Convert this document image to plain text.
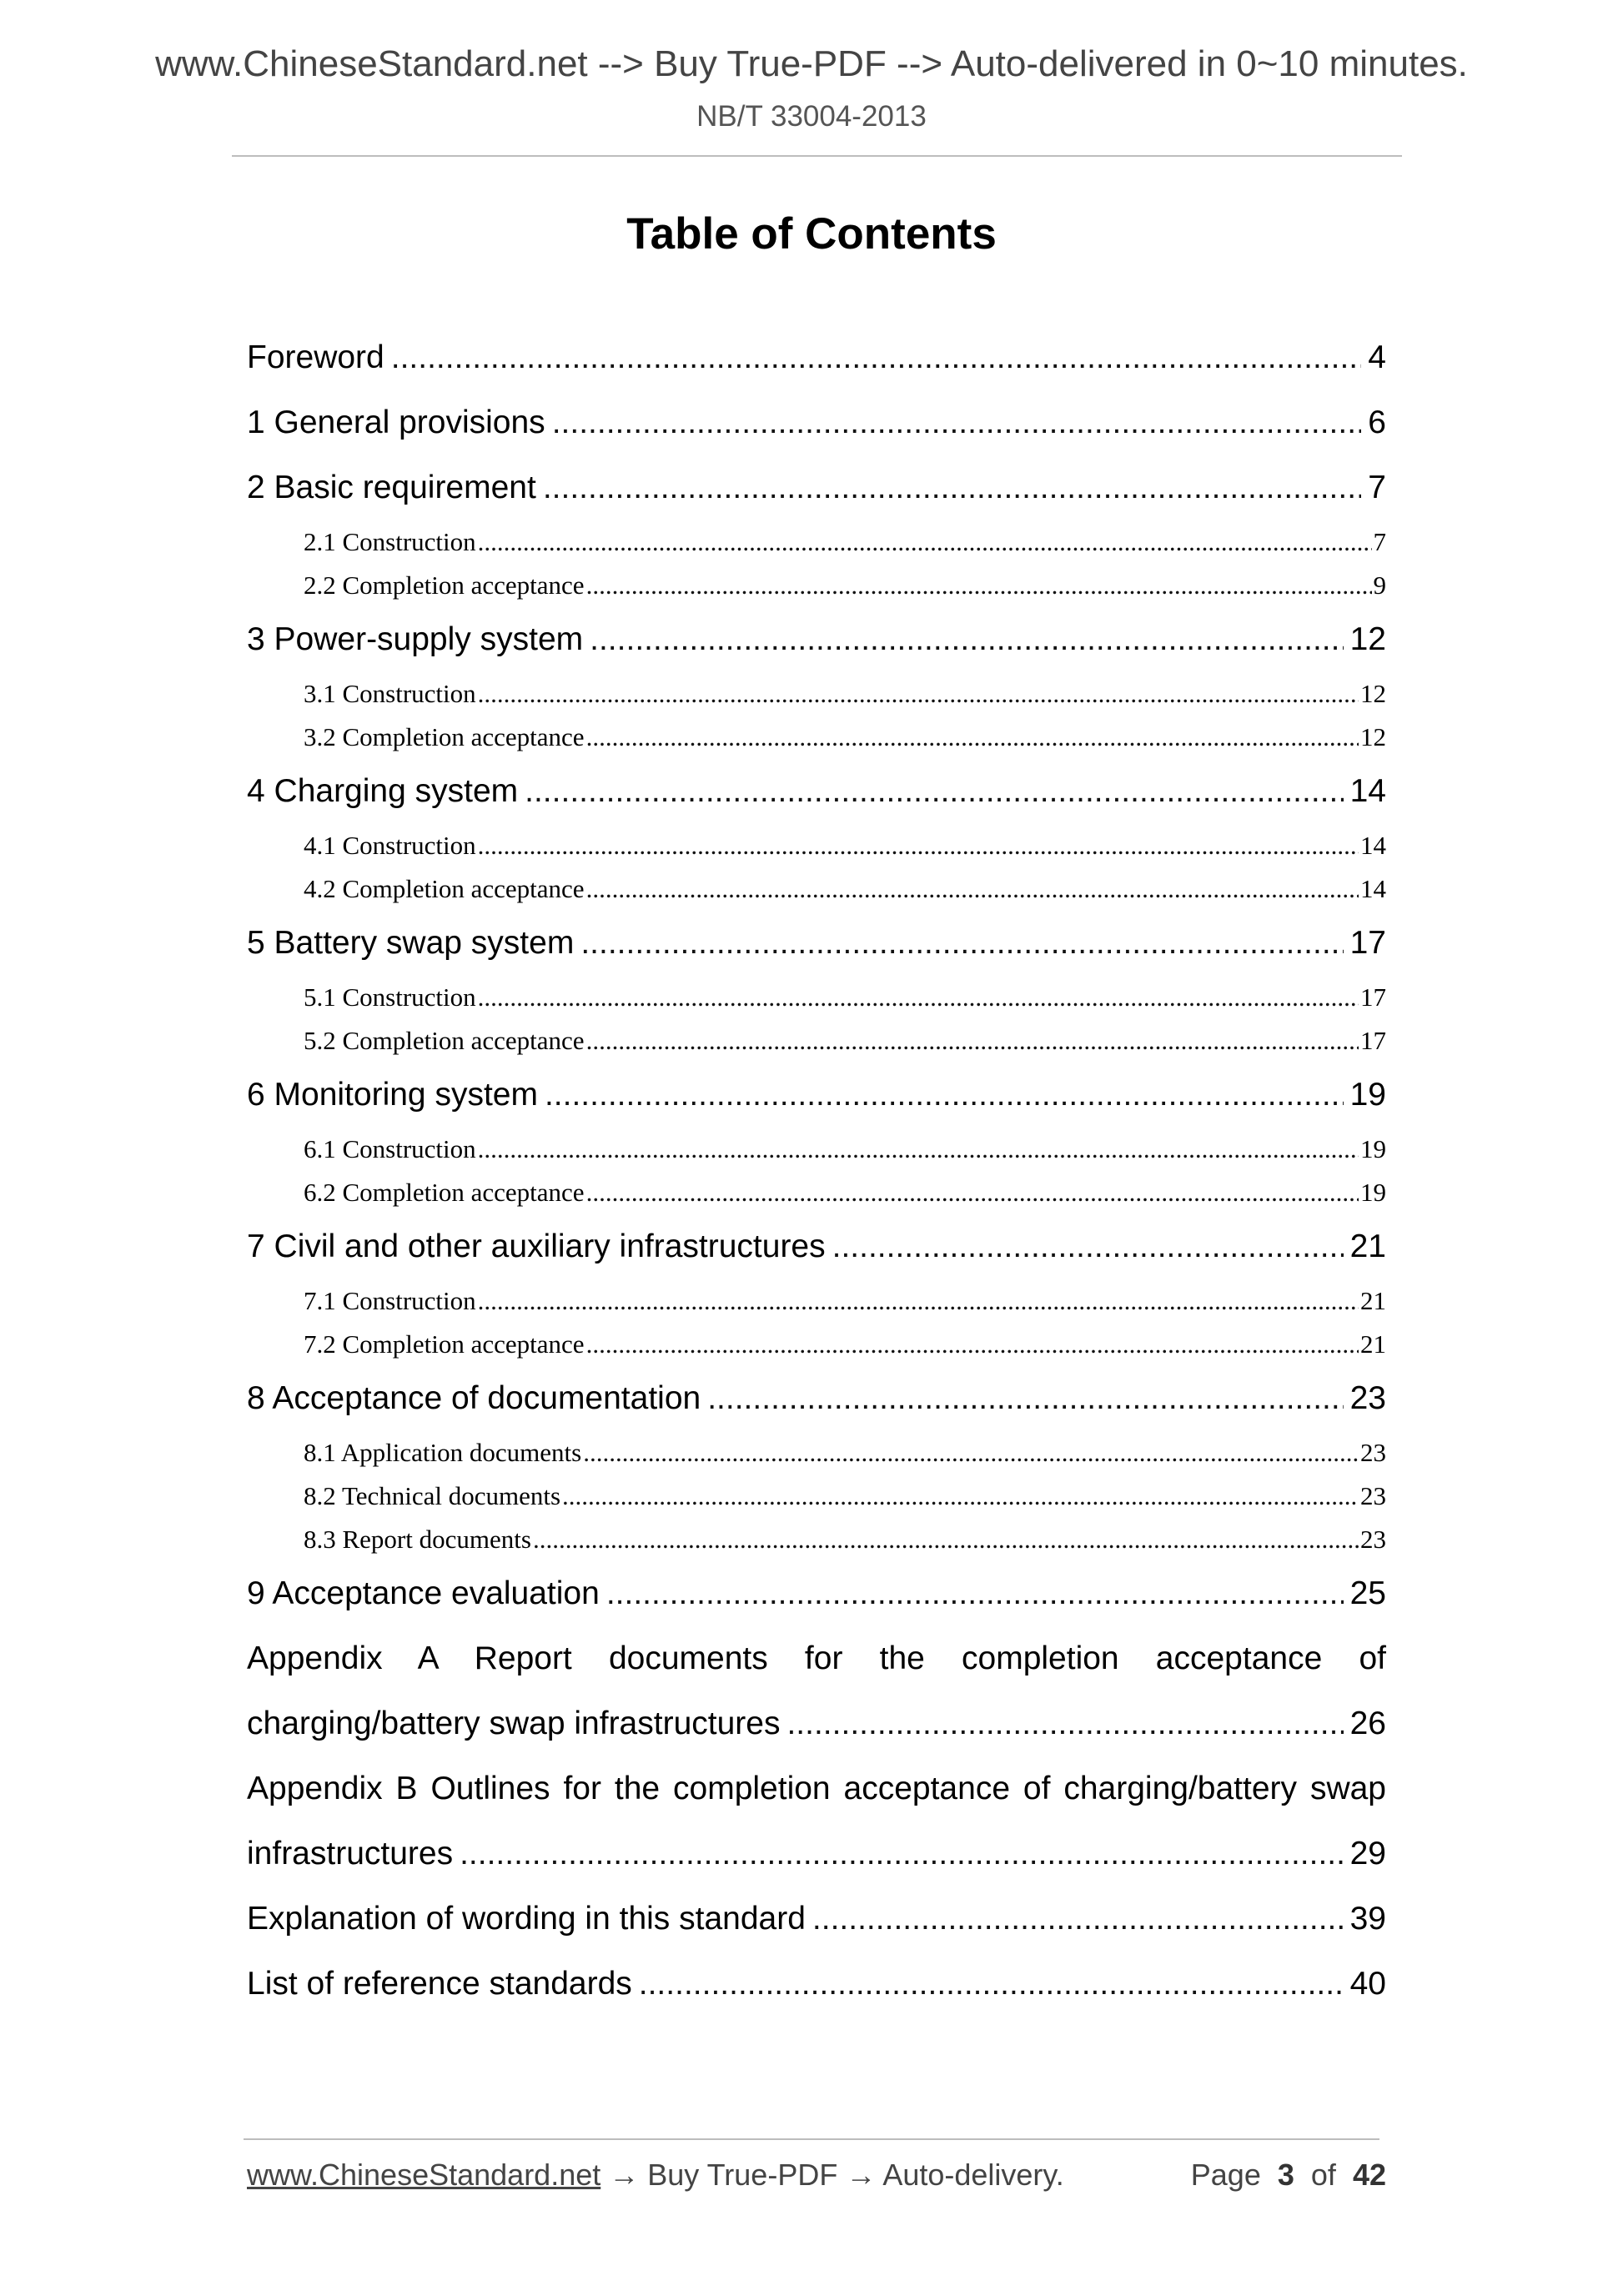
www.ChineseStandard.net --> Buy True-PDF --> Auto-delivered in 0~10 minutes.
NB/T 33004-2013
Table of Contents
Foreword .....	4
1 General provisions .....	6
2 Basic requirement .....	7
2.1 Construction .....	7
2.2 Completion acceptance .....	9
3 Power-supply system .....	12
3.1 Construction .....	12
3.2 Completion acceptance .....	12
4 Charging system .....	14
4.1 Construction .....	14
4.2 Completion acceptance .....	14
5 Battery swap system .....	17
5.1 Construction .....	17
5.2 Completion acceptance .....	17
6 Monitoring system .....	19
6.1 Construction .....	19
6.2 Completion acceptance .....	19
7 Civil and other auxiliary infrastructures .....	21
7.1 Construction .....	21
7.2 Completion acceptance .....	21
8 Acceptance of documentation .....	23
8.1 Application documents .....	23
8.2 Technical documents .....	23
8.3 Report documents .....	23
9 Acceptance evaluation .....	25
Appendix A Report documents for the completion acceptance of
charging/battery swap infrastructures .....	26
Appendix B Outlines for the completion acceptance of charging/battery swap
infrastructures .....	29
Explanation of wording in this standard .....	39
List of reference standards .....	40
www.ChineseStandard.net → Buy True-PDF → Auto-delivery.	Page 3 of 42
